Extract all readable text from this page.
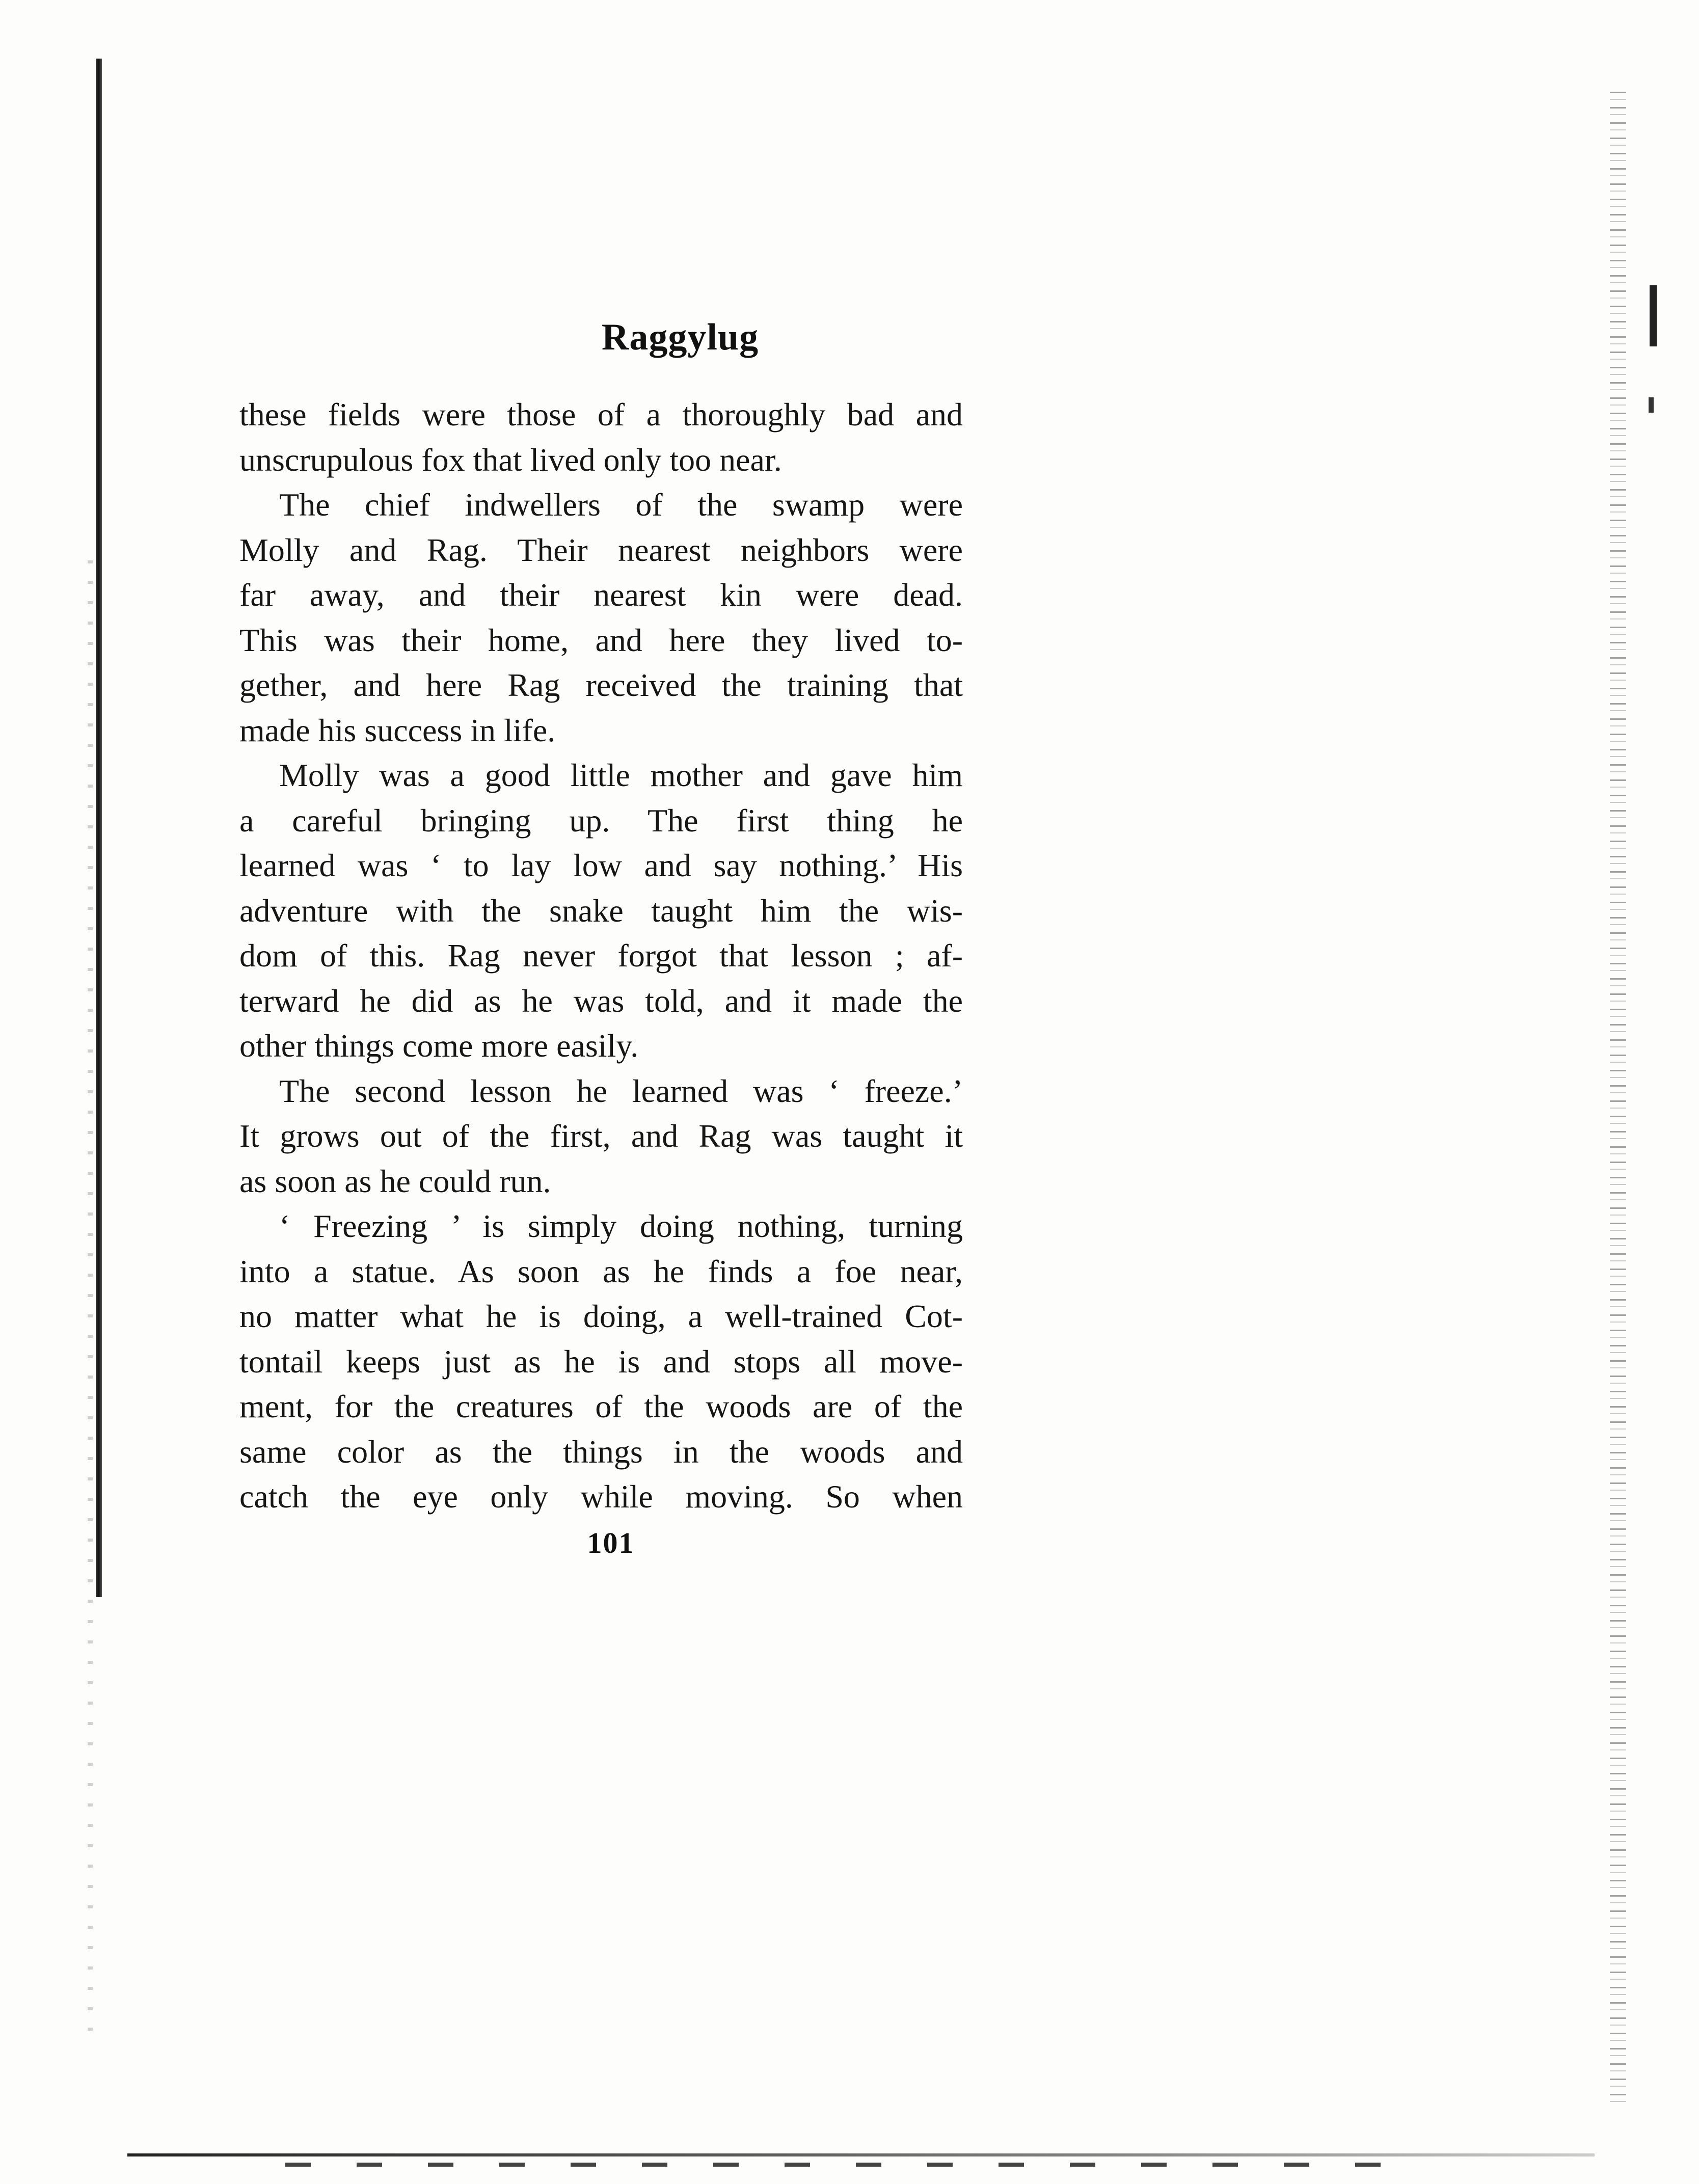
Raggylug
these fields were those of a thoroughly bad and
unscrupulous fox that lived only too near.
The chief indwellers of the swamp were
Molly and Rag. Their nearest neighbors were
far away, and their nearest kin were dead.
This was their home, and here they lived to-
gether, and here Rag received the training that
made his success in life.
Molly was a good little mother and gave him
a careful bringing up. The first thing he
learned was ‘ to lay low and say nothing.’ His
adventure with the snake taught him the wis-
dom of this. Rag never forgot that lesson ; af-
terward he did as he was told, and it made the
other things come more easily.
The second lesson he learned was ‘ freeze.’
It grows out of the first, and Rag was taught it
as soon as he could run.
‘ Freezing ’ is simply doing nothing, turning
into a statue. As soon as he finds a foe near,
no matter what he is doing, a well-trained Cot-
tontail keeps just as he is and stops all move-
ment, for the creatures of the woods are of the
same color as the things in the woods and
catch the eye only while moving. So when
101
